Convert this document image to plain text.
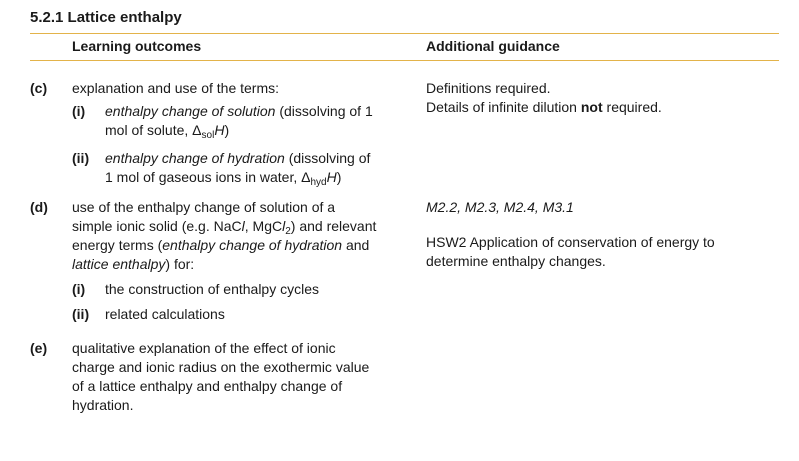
5.2.1 Lattice enthalpy
Learning outcomes	Additional guidance
(c) explanation and use of the terms:
(i) enthalpy change of solution (dissolving of 1
mol of solute, $\Delta_{sol}H$)
(ii) enthalpy change of hydration (dissolving of
1 mol of gaseous ions in water, $\Delta_{hyd}H$)
Definitions required.
Details of infinite dilution not required.
(d) use of the enthalpy change of solution of a
simple ionic solid (e.g. NaCl, MgCl$_2$) and relevant
energy terms (enthalpy change of hydration and
lattice enthalpy) for:
(i) the construction of enthalpy cycles
(ii) related calculations
M2.2, M2.3, M2.4, M3.1
HSW2 Application of conservation of energy to
determine enthalpy changes.
(e) qualitative explanation of the effect of ionic
charge and ionic radius on the exothermic value
of a lattice enthalpy and enthalpy change of
hydration.
